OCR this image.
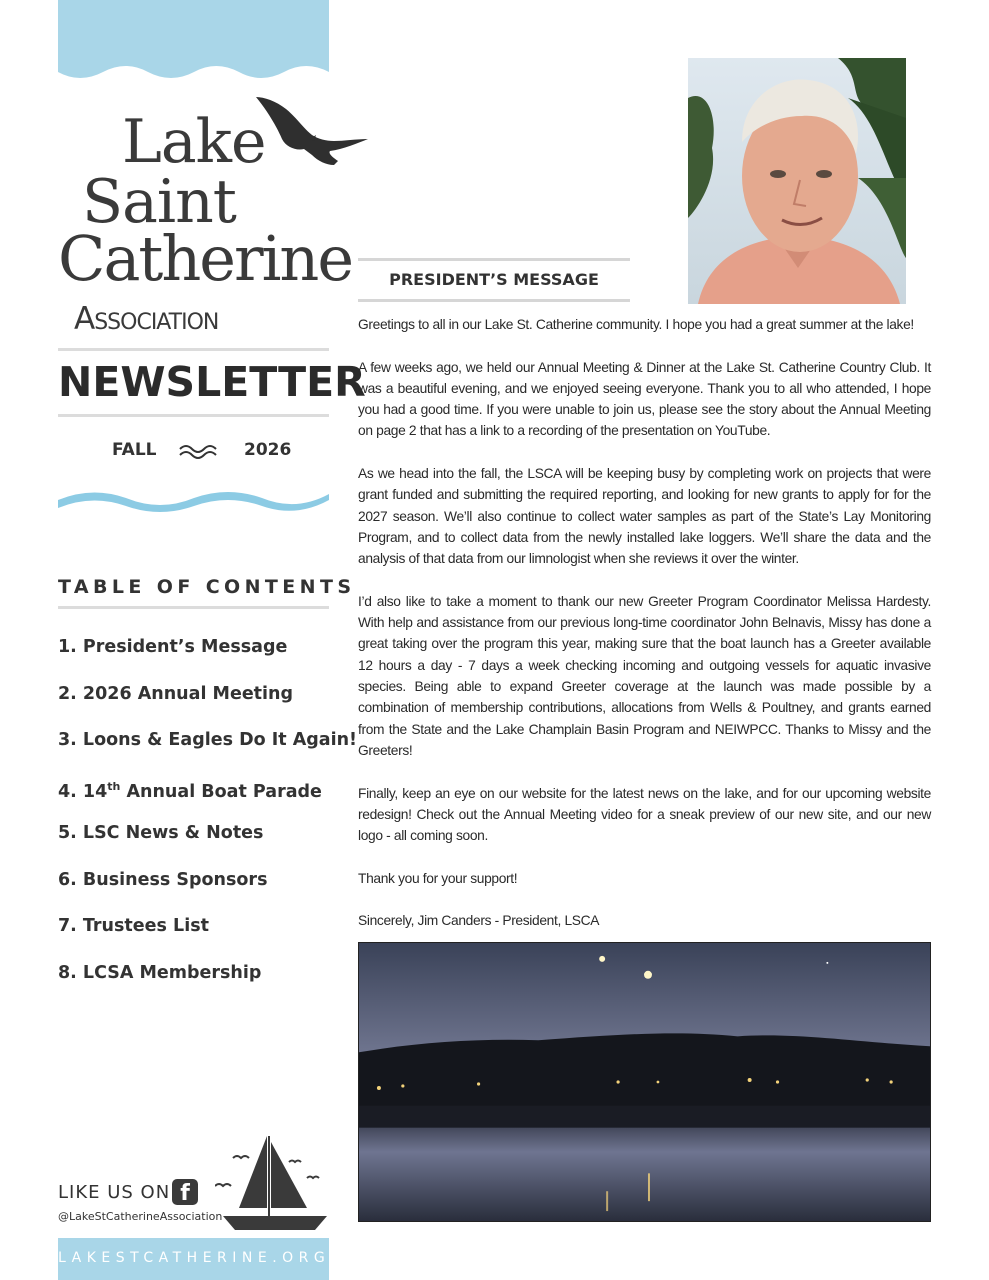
Lake
Saint
Catherine
Association
NEWSLETTER
FALL	2026
TABLE OF CONTENTS
1. President’s Message
2. 2026 Annual Meeting
3. Loons & Eagles Do It Again!
4. 14th Annual Boat Parade
5. LSC News & Notes
6. Business Sponsors
7. Trustees List
8. LCSA Membership
LIKE US ON f
@LakeStCatherineAssociation
LAKESTCATHERINE.ORG
PRESIDENT’S MESSAGE

Greetings to all in our Lake St. Catherine community. I hope you had a great summer at the lake!

A few weeks ago, we held our Annual Meeting & Dinner at the Lake St. Catherine Country Club. It was a beautiful evening, and we enjoyed seeing everyone. Thank you to all who attended, I hope you had a good time. If you were unable to join us, please see the story about the Annual Meeting on page 2 that has a link to a recording of the presentation on YouTube.

As we head into the fall, the LSCA will be keeping busy by completing work on projects that were grant funded and submitting the required reporting, and looking for new grants to apply for for the 2027 season. We’ll also continue to collect water samples as part of the State’s Lay Monitoring Program, and to collect data from the newly installed lake loggers. We’ll share the data and the analysis of that data from our limnologist when she reviews it over the winter.

I’d also like to take a moment to thank our new Greeter Program Coordinator Melissa Hardesty. With help and assistance from our previous long-time coordinator John Belnavis, Missy has done a great taking over the program this year, making sure that the boat launch has a Greeter available 12 hours a day - 7 days a week checking incoming and outgoing vessels for aquatic invasive species. Being able to expand Greeter coverage at the launch was made possible by a combination of membership contributions, allocations from Wells & Poultney, and grants earned from the State and the Lake Champlain Basin Program and NEIWPCC. Thanks to Missy and the Greeters!

Finally, keep an eye on our website for the latest news on the lake, and for our upcoming website redesign! Check out the Annual Meeting video for a sneak preview of our new site, and our new logo - all coming soon.

Thank you for your support!

Sincerely, Jim Canders - President, LSCA
